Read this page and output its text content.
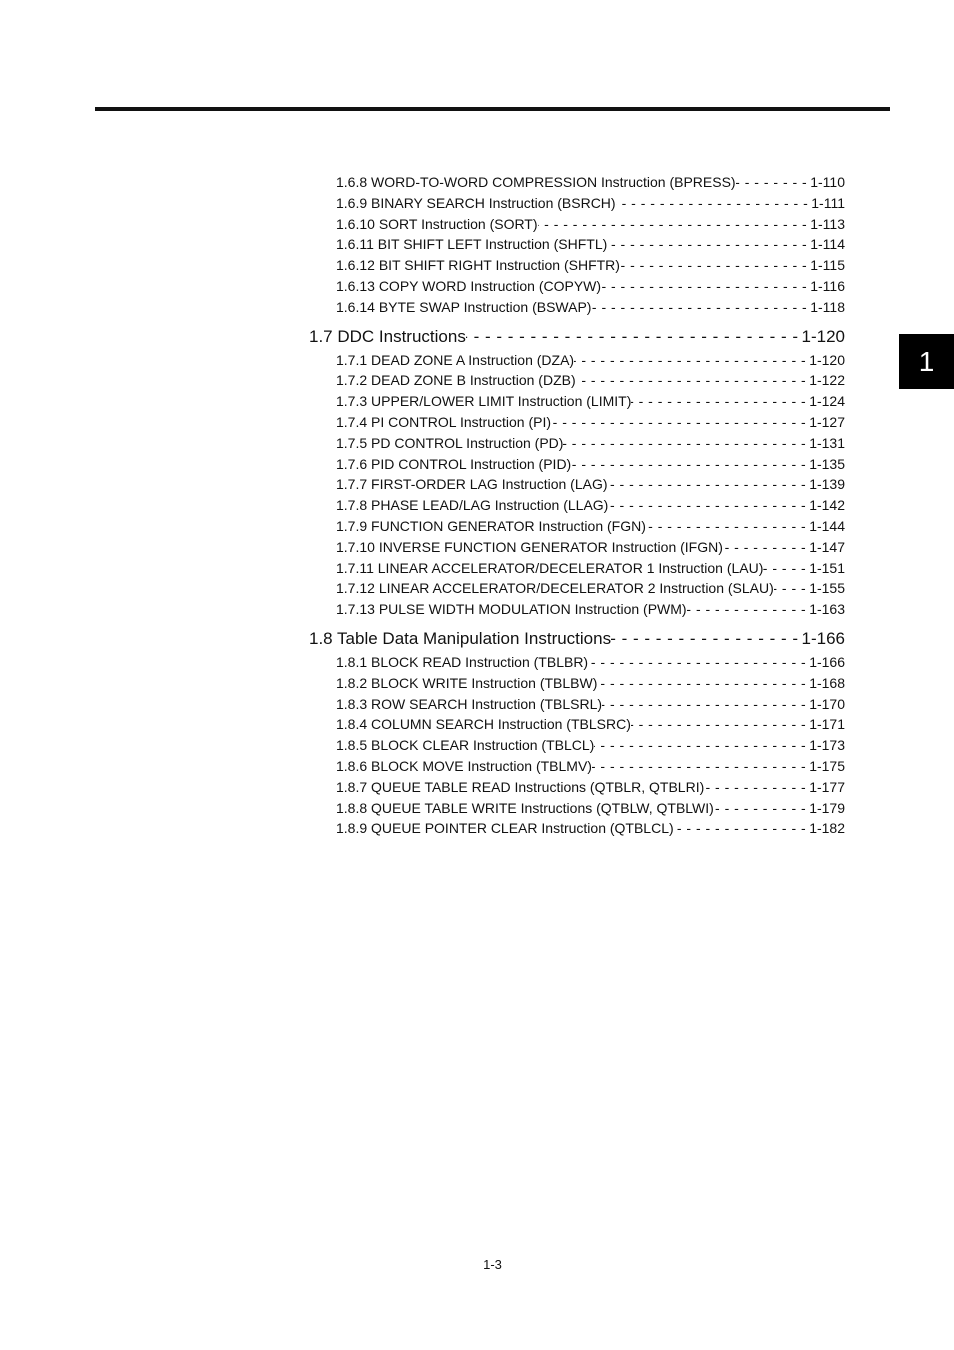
1
1.6.8 WORD-TO-WORD COMPRESSION Instruction (BPRESS) - - -	1-110
1.6.9 BINARY SEARCH Instruction (BSRCH) - - -	1-111
1.6.10 SORT Instruction (SORT) - - -	1-113
1.6.11 BIT SHIFT LEFT Instruction (SHFTL) - - -	1-114
1.6.12 BIT SHIFT RIGHT Instruction (SHFTR) - - -	1-115
1.6.13 COPY WORD Instruction (COPYW) - - -	1-116
1.6.14 BYTE SWAP Instruction (BSWAP) - - -	1-118
1.7 DDC Instructions - - -	1-120
1.7.1 DEAD ZONE A Instruction (DZA) - - -	1-120
1.7.2 DEAD ZONE B Instruction (DZB) - - -	1-122
1.7.3 UPPER/LOWER LIMIT Instruction (LIMIT) - - -	1-124
1.7.4 PI CONTROL Instruction (PI) - - -	1-127
1.7.5 PD CONTROL Instruction (PD) - - -	1-131
1.7.6 PID CONTROL Instruction (PID) - - -	1-135
1.7.7 FIRST-ORDER LAG Instruction (LAG) - - -	1-139
1.7.8 PHASE LEAD/LAG Instruction (LLAG) - - -	1-142
1.7.9 FUNCTION GENERATOR Instruction (FGN) - - -	1-144
1.7.10 INVERSE FUNCTION GENERATOR Instruction (IFGN) - - -	1-147
1.7.11 LINEAR ACCELERATOR/DECELERATOR 1 Instruction (LAU) - - -	1-151
1.7.12 LINEAR ACCELERATOR/DECELERATOR 2 Instruction (SLAU) - - -	1-155
1.7.13 PULSE WIDTH MODULATION Instruction (PWM) - - -	1-163
1.8 Table Data Manipulation Instructions - - -	1-166
1.8.1 BLOCK READ Instruction (TBLBR) - - -	1-166
1.8.2 BLOCK WRITE Instruction (TBLBW) - - -	1-168
1.8.3 ROW SEARCH Instruction (TBLSRL) - - -	1-170
1.8.4 COLUMN SEARCH Instruction (TBLSRC) - - -	1-171
1.8.5 BLOCK CLEAR Instruction (TBLCL) - - -	1-173
1.8.6 BLOCK MOVE Instruction (TBLMV) - - -	1-175
1.8.7 QUEUE TABLE READ Instructions (QTBLR, QTBLRI) - - -	1-177
1.8.8 QUEUE TABLE WRITE Instructions (QTBLW, QTBLWI) - - -	1-179
1.8.9 QUEUE POINTER CLEAR Instruction (QTBLCL) - - -	1-182
1-3
